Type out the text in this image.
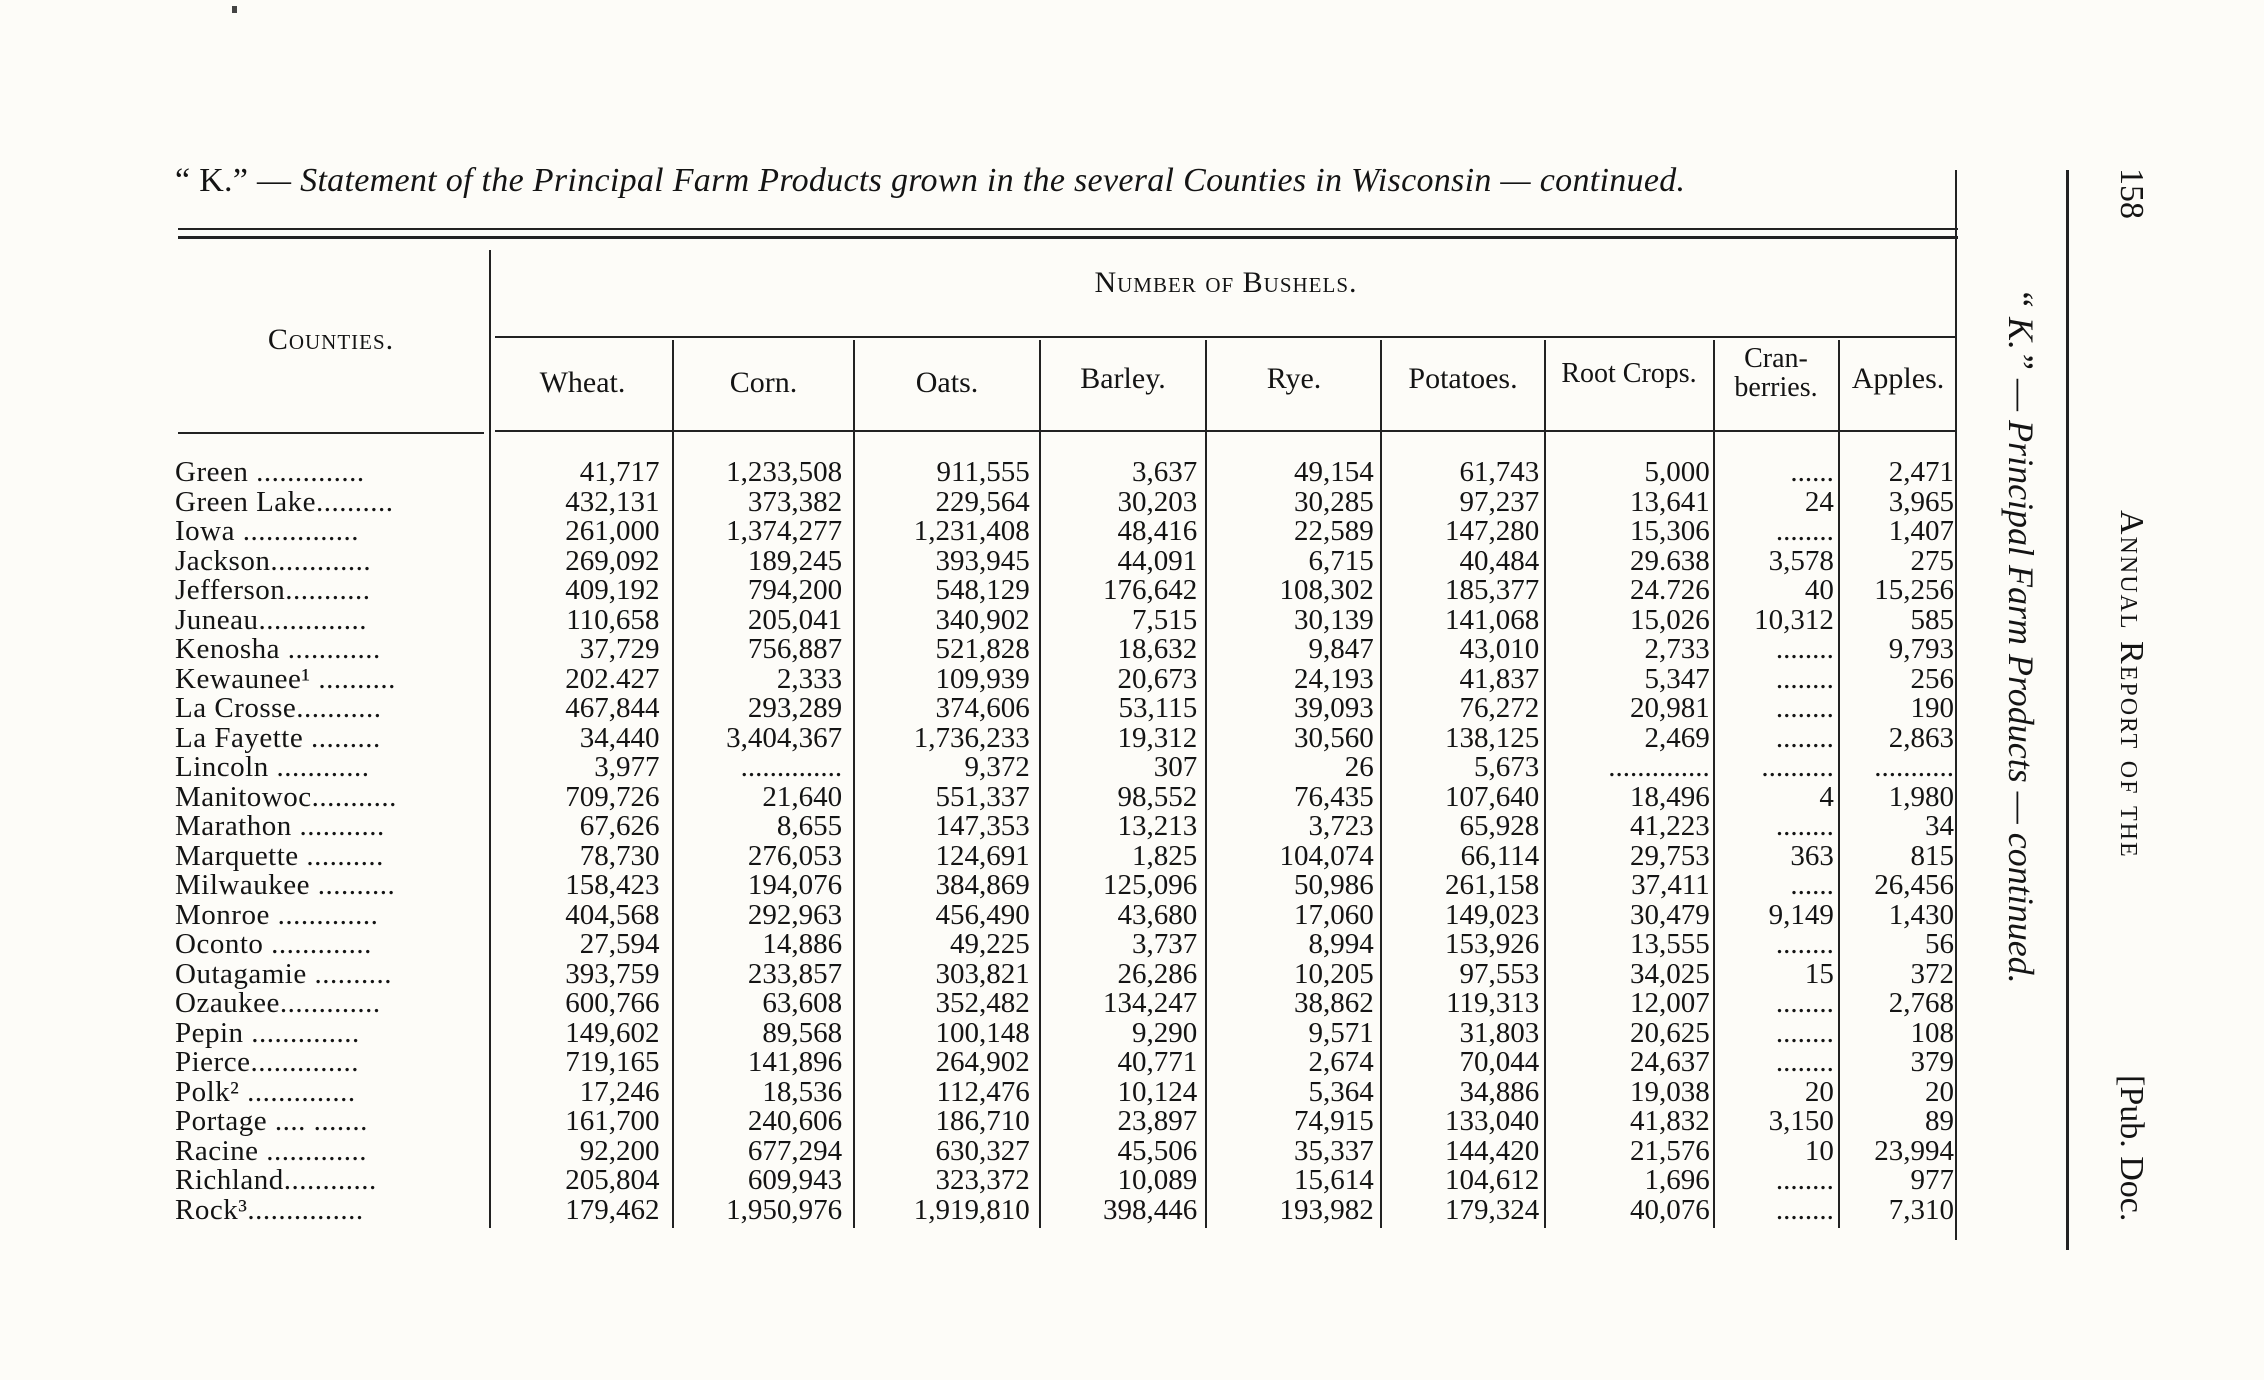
“ K.” — Statement of the Principal Farm Products grown in the several Counties in Wisconsin — continued.
Counties.
Number of Bushels.
Wheat.	Corn.	Oats.	Barley.	Rye.	Potatoes.	Root Crops.	Cran-
berries.	Apples.
Green ..............	41,717	1,233,508	911,555	3,637	49,154	61,743	5,000	......	2,471
Green Lake..........	432,131	373,382	229,564	30,203	30,285	97,237	13,641	24	3,965
Iowa ...............	261,000	1,374,277	1,231,408	48,416	22,589	147,280	15,306	........	1,407
Jackson.............	269,092	189,245	393,945	44,091	6,715	40,484	29.638	3,578	275
Jefferson...........	409,192	794,200	548,129	176,642	108,302	185,377	24.726	40	15,256
Juneau..............	110,658	205,041	340,902	7,515	30,139	141,068	15,026	10,312	585
Kenosha ............	37,729	756,887	521,828	18,632	9,847	43,010	2,733	........	9,793
Kewaunee¹ ..........	202.427	2,333	109,939	20,673	24,193	41,837	5,347	........	256
La Crosse...........	467,844	293,289	374,606	53,115	39,093	76,272	20,981	........	190
La Fayette .........	34,440	3,404,367	1,736,233	19,312	30,560	138,125	2,469	........	2,863
Lincoln ............	3,977	..............	9,372	307	26	5,673	..............	..........	...........
Manitowoc...........	709,726	21,640	551,337	98,552	76,435	107,640	18,496	4	1,980
Marathon ...........	67,626	8,655	147,353	13,213	3,723	65,928	41,223	........	34
Marquette ..........	78,730	276,053	124,691	1,825	104,074	66,114	29,753	363	815
Milwaukee ..........	158,423	194,076	384,869	125,096	50,986	261,158	37,411	......	26,456
Monroe .............	404,568	292,963	456,490	43,680	17,060	149,023	30,479	9,149	1,430
Oconto .............	27,594	14,886	49,225	3,737	8,994	153,926	13,555	........	56
Outagamie ..........	393,759	233,857	303,821	26,286	10,205	97,553	34,025	15	372
Ozaukee.............	600,766	63,608	352,482	134,247	38,862	119,313	12,007	........	2,768
Pepin ..............	149,602	89,568	100,148	9,290	9,571	31,803	20,625	........	108
Pierce..............	719,165	141,896	264,902	40,771	2,674	70,044	24,637	........	379
Polk² ..............	17,246	18,536	112,476	10,124	5,364	34,886	19,038	20	20
Portage .... .......	161,700	240,606	186,710	23,897	74,915	133,040	41,832	3,150	89
Racine .............	92,200	677,294	630,327	45,506	35,337	144,420	21,576	10	23,994
Richland............	205,804	609,943	323,372	10,089	15,614	104,612	1,696	........	977
Rock³...............	179,462	1,950,976	1,919,810	398,446	193,982	179,324	40,076	........	7,310
“ K.” — Principal Farm Products — continued. Annual Report of the
158
[Pub. Doc.
